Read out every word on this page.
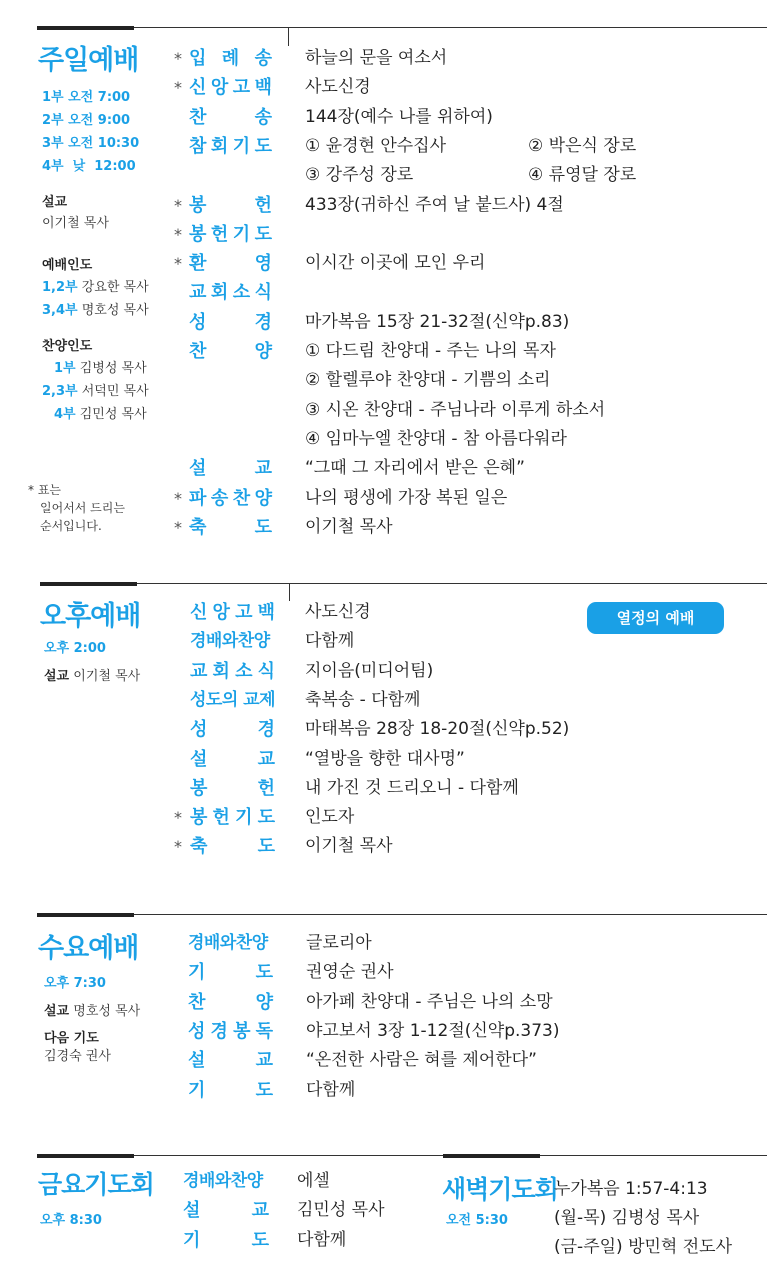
주일예배
1부 오전 7:00
2부 오전 9:00
3부 오전 10:30
4부  낮  12:00
설교
이기철 목사
예배인도
1,2부 강요한 목사
3,4부 명호성 목사
찬양인도
1부 김병성 목사
2,3부 서덕민 목사
4부 김민성 목사
* 표는
일어서서 드리는
순서입니다.
* 입 례 송 하늘의 문을 여소서
* 신 앙 고 백 사도신경
찬	송 144장(예수 나를 위하여)
참 회 기 도 ① 윤경현 안수집사	② 박은식 장로
③ 강주성 장로	④ 류영달 장로
* 봉	헌 433장(귀하신 주여 날 붙드사) 4절
* 봉 헌 기 도
* 환	영 이시간 이곳에 모인 우리
교 회 소 식
성	경 마가복음 15장 21-32절(신약p.83)
찬	양 ① 다드림 찬양대 - 주는 나의 목자
② 할렐루야 찬양대 - 기쁨의 소리
③ 시온 찬양대 - 주님나라 이루게 하소서
④ 임마누엘 찬양대 - 참 아름다워라
설	교 “그때 그 자리에서 받은 은혜”
* 파 송 찬 양 나의 평생에 가장 복된 일은
* 축	도 이기철 목사
오후예배
오후 2:00
설교 이기철 목사
열정의 예배
신 앙 고 백 사도신경
경배와찬양 다함께
교 회 소 식 지이음(미디어팀)
성도의 교제 축복송 - 다함께
성	경 마태복음 28장 18-20절(신약p.52)
설	교 “열방을 향한 대사명”
봉	헌 내 가진 것 드리오니 - 다함께
* 봉 헌 기 도 인도자
* 축	도 이기철 목사
수요예배
오후 7:30
설교 명호성 목사
다음 기도
김경숙 권사
경배와찬양 글로리아
기	도 권영순 권사
찬	양 아가페 찬양대 - 주님은 나의 소망
성 경 봉 독 야고보서 3장 1-12절(신약p.373)
설	교 “온전한 사람은 혀를 제어한다”
기	도 다함께
금요기도회
오후 8:30
경배와찬양 에셀
설	교 김민성 목사
기	도 다함께
새벽기도회
오전 5:30
누가복음 1:57-4:13
(월-목) 김병성 목사
(금-주일) 방민혁 전도사
